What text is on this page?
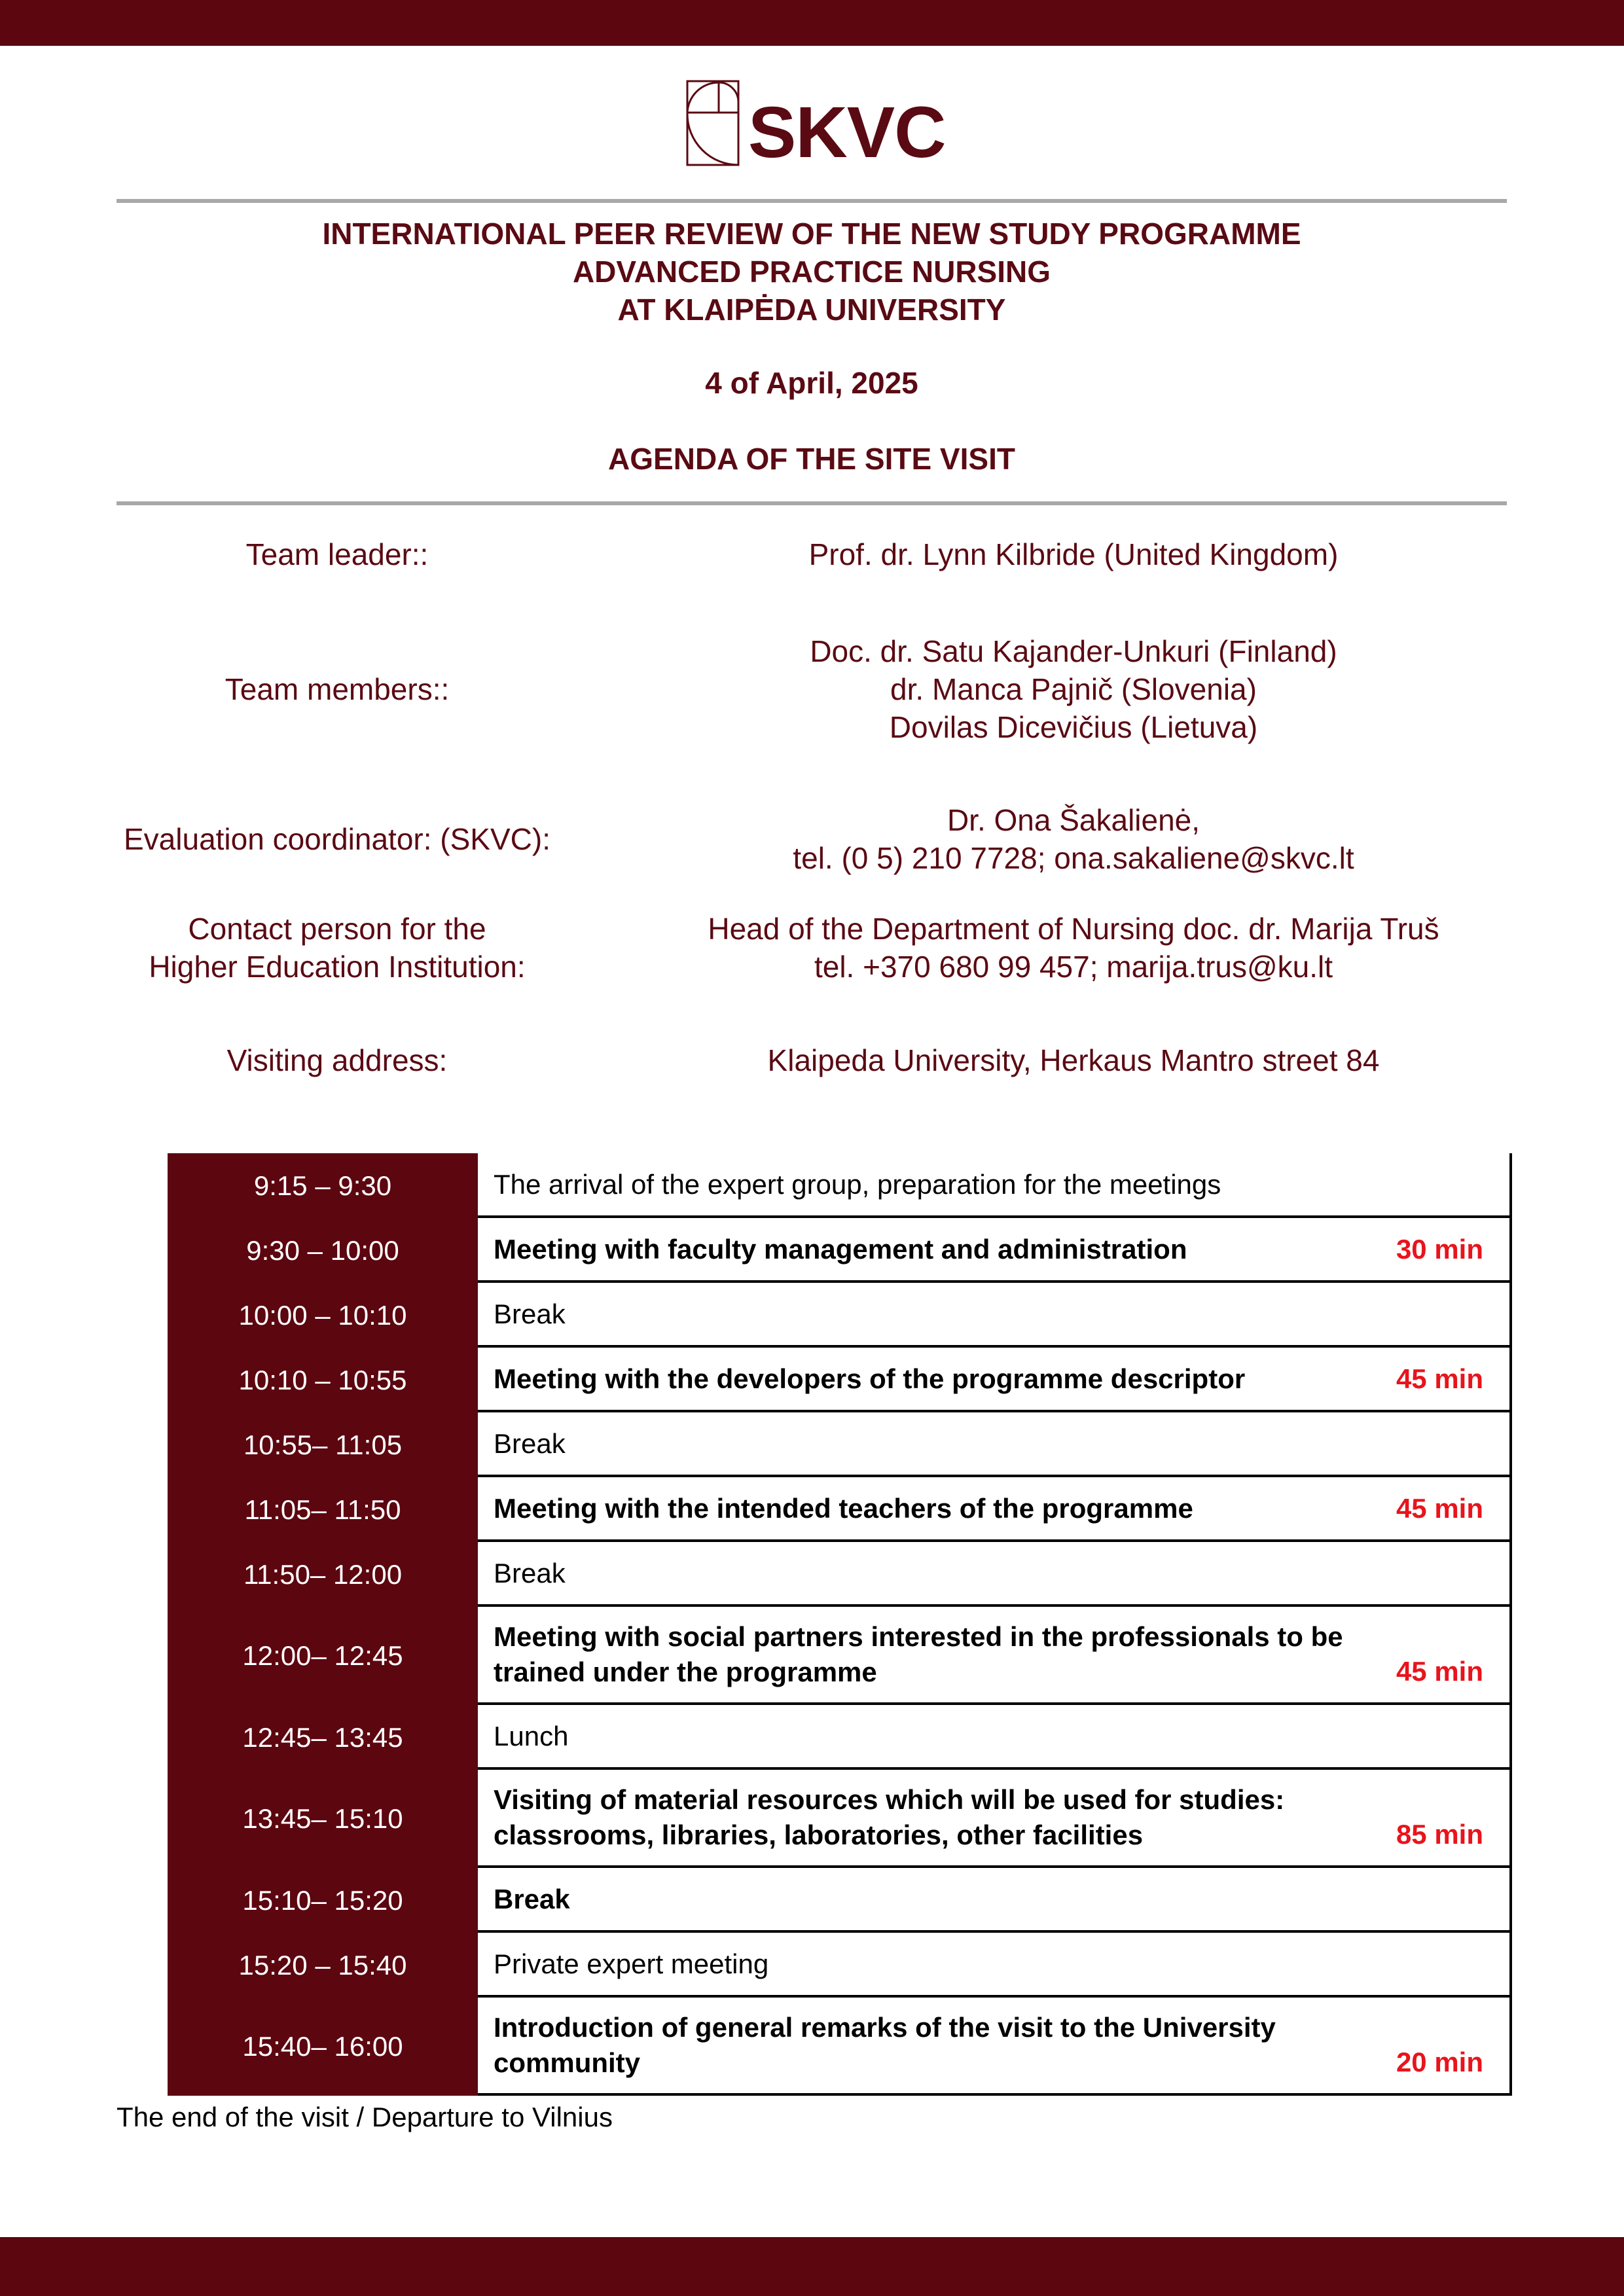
SKVC
INTERNATIONAL PEER REVIEW OF THE NEW STUDY PROGRAMME
ADVANCED PRACTICE NURSING
AT KLAIPĖDA UNIVERSITY
4 of April, 2025
AGENDA OF THE SITE VISIT
Team leader::	Prof. dr. Lynn Kilbride (United Kingdom)
Team members::
Doc. dr. Satu Kajander-Unkuri (Finland)
dr. Manca Pajnič (Slovenia)
Dovilas Dicevičius (Lietuva)
Evaluation coordinator: (SKVC):
Dr. Ona Šakalienė,
tel. (0 5) 210 7728; ona.sakaliene@skvc.lt
Contact person for the
Higher Education Institution:
Head of the Department of Nursing doc. dr. Marija Truš
tel. +370 680 99 457; marija.trus@ku.lt
Visiting address:	Klaipeda University, Herkaus Mantro street 84
9:15 – 9:30	The arrival of the expert group, preparation for the meetings
9:30 – 10:00	Meeting with faculty management and administration	30 min
10:00 – 10:10	Break
10:10 – 10:55	Meeting with the developers of the programme descriptor	45 min
10:55– 11:05	Break
11:05– 11:50	Meeting with the intended teachers of the programme	45 min
11:50– 12:00	Break
12:00– 12:45
Meeting with social partners interested in the professionals to be
trained under the programme	45 min
12:45– 13:45	Lunch
13:45– 15:10
Visiting of material resources which will be used for studies:
classrooms, libraries, laboratories, other facilities	85 min
15:10– 15:20	Break
15:20 – 15:40	Private expert meeting
15:40– 16:00
Introduction of general remarks of the visit to the University
community	20 min
The end of the visit / Departure to Vilnius
